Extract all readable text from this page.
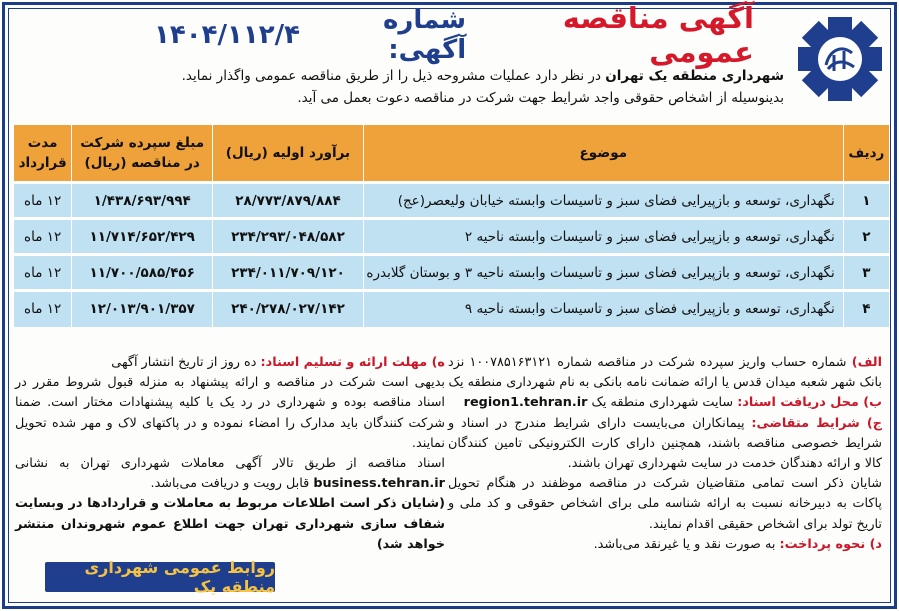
آگهی مناقصه عمومی
شماره آگهی:
۱۴۰۴/۱۱۲/۴
شهرداری منطقه یک تهران در نظر دارد عملیات مشروحه ذیل را از طریق مناقصه عمومی واگذار نماید.
بدینوسیله از اشخاص حقوقی واجد شرایط جهت شرکت در مناقصه دعوت بعمل می آید.
ردیف	موضوع	برآورد اولیه (ریال)	مبلغ سپرده شرکت در مناقصه (ریال)	مدت قرارداد
۱	نگهداری، توسعه و بازپیرایی فضای سبز و تاسیسات وابسته خیابان ولیعصر(عج)	۲۸/۷۷۳/۸۷۹/۸۸۴	۱/۴۳۸/۶۹۳/۹۹۴	۱۲ ماه
۲	نگهداری، توسعه و بازپیرایی فضای سبز و تاسیسات وابسته ناحیه ۲	۲۳۴/۲۹۳/۰۴۸/۵۸۲	۱۱/۷۱۴/۶۵۲/۴۲۹	۱۲ ماه
۳	نگهداری، توسعه و بازپیرایی فضای سبز و تاسیسات وابسته ناحیه ۳ و بوستان گلابدره	۲۳۴/۰۱۱/۷۰۹/۱۲۰	۱۱/۷۰۰/۵۸۵/۴۵۶	۱۲ ماه
۴	نگهداری، توسعه و بازپیرایی فضای سبز و تاسیسات وابسته ناحیه ۹	۲۴۰/۲۷۸/۰۲۷/۱۴۲	۱۲/۰۱۳/۹۰۱/۳۵۷	۱۲ ماه

الف) شماره حساب واریز سپرده شرکت در مناقصه شماره ۱۰۰۷۸۵۱۶۳۱۲۱ نزد بانک شهر شعبه میدان قدس یا ارائه ضمانت نامه بانکی به نام شهرداری منطقه یک

ب) محل دریافت اسناد: سایت شهرداری منطقه یک region1.tehran.ir

ج) شرایط متقاضی: پیمانکاران می‌بایست دارای شرایط مندرج در اسناد و شرایط خصوصی مناقصه باشند، همچنین دارای کارت الکترونیکی تامین کنندگان کالا و ارائه دهندگان خدمت در سایت شهرداری تهران باشند.

شایان ذکر است تمامی متقاضیان شرکت در مناقصه موظفند در هنگام تحویل پاکات به دبیرخانه نسبت به ارائه شناسه ملی برای اشخاص حقوقی و کد ملی و تاریخ تولد برای اشخاص حقیقی اقدام نمایند.

د) نحوه پرداخت: به صورت نقد و یا غیرنقد می‌باشد.

ه) مهلت ارائه و تسلیم اسناد: ده روز از تاریخ انتشار آگهی

بدیهی است شرکت در مناقصه و ارائه پیشنهاد به منزله قبول شروط مقرر در اسناد مناقصه بوده و شهرداری در رد یک یا کلیه پیشنهادات مختار است. ضمنا شرکت کنندگان باید مدارک را امضاء نموده و در پاکتهای لاک و مهر شده تحویل نمایند.

اسناد مناقصه از طریق تالار آگهی معاملات شهرداری تهران به نشانی business.tehran.ir قابل رویت و دریافت می‌باشد.

(شایان ذکر است اطلاعات مربوط به معاملات و قراردادها در وبسایت شفاف سازی شهرداری تهران جهت اطلاع عموم شهروندان منتشر خواهد شد)

روابط عمومی شهرداری منطقه یک
